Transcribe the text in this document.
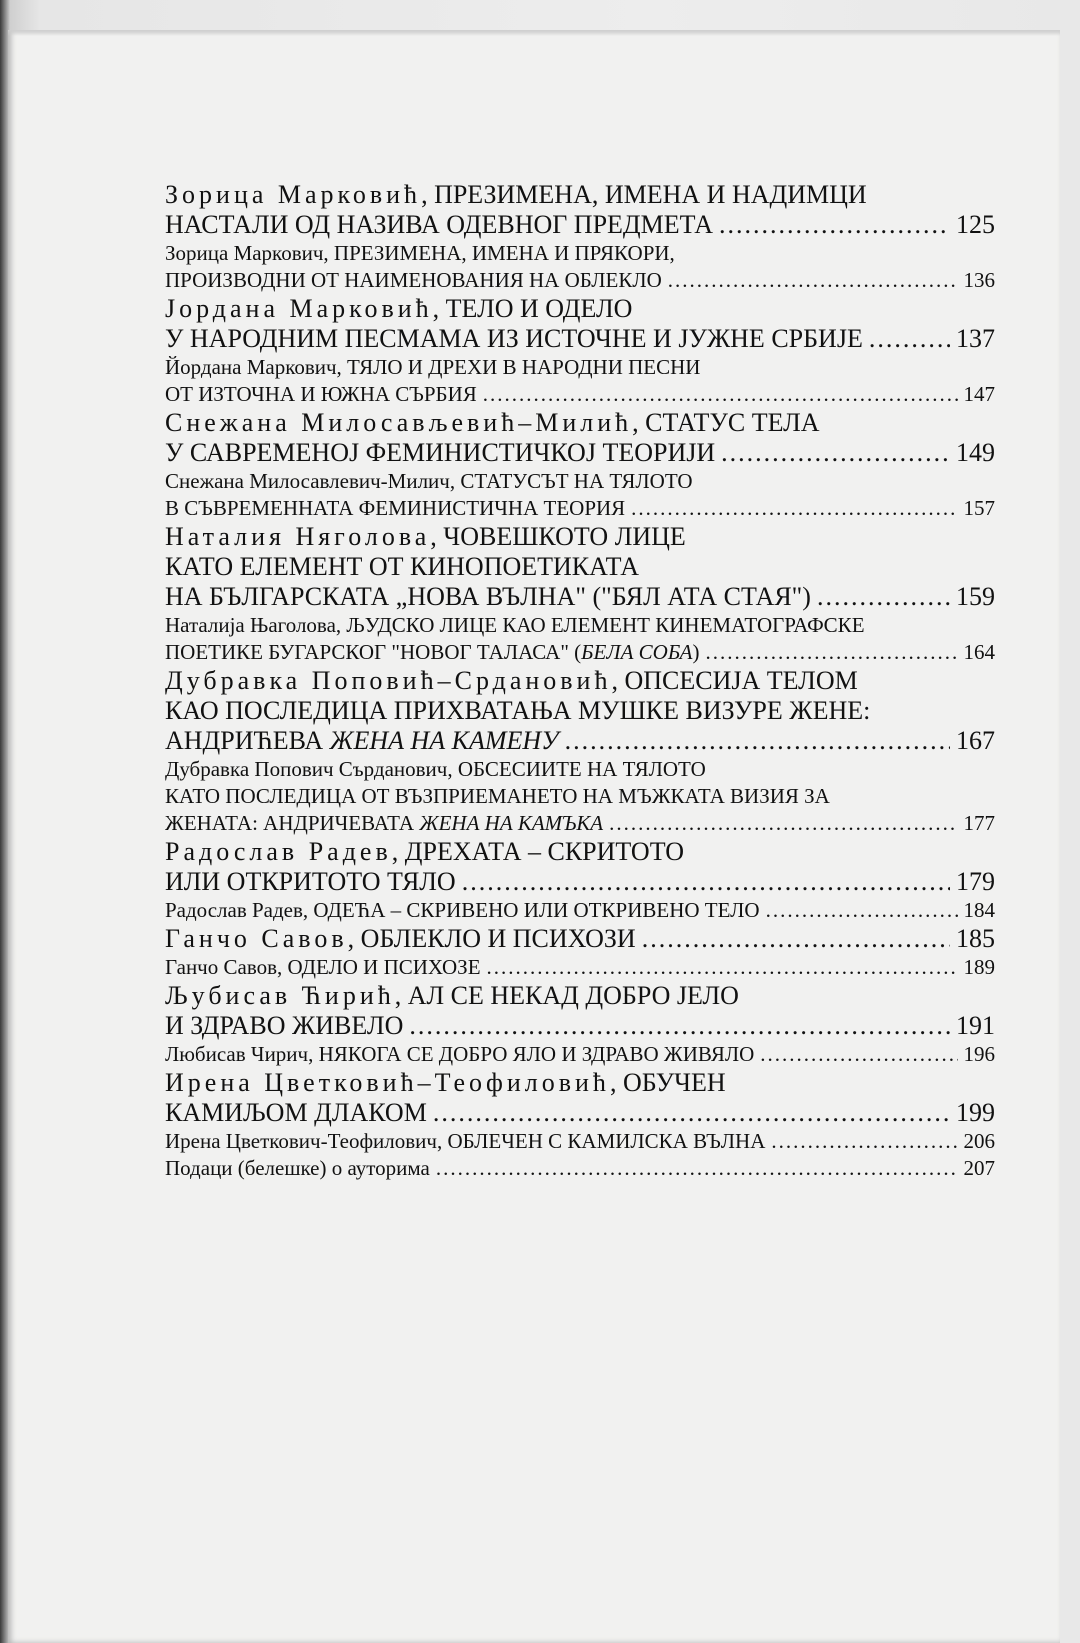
Зорица Марковић, ПРЕЗИМЕНА, ИМЕНА И НАДИМЦИ
НАСТАЛИ ОД НАЗИВА ОДЕВНОГ ПРЕДМЕТА .....	125
Зорица Маркович, ПРЕЗИМЕНА, ИМЕНА И ПРЯКОРИ,
ПРОИЗВОДНИ ОТ НАИМЕНОВАНИЯ НА ОБЛЕКЛО .....	136
Јордана Марковић, ТЕЛО И ОДЕЛО
У НАРОДНИМ ПЕСМАМА ИЗ ИСТОЧНЕ И ЈУЖНЕ СРБИЈЕ .....	137
Йордана Маркович, ТЯЛО И ДРЕХИ В НАРОДНИ ПЕСНИ
ОТ ИЗТОЧНА И ЮЖНА СЪРБИЯ .....	147
Снежана Милосављевић–Милић, СТАТУС ТЕЛА
У САВРЕМЕНОЈ ФЕМИНИСТИЧКОЈ ТЕОРИЈИ .....	149
Снежана Милосавлевич-Милич, СТАТУСЪТ НА ТЯЛОТО
В СЪВРЕМЕННАТА ФЕМИНИСТИЧНА ТЕОРИЯ .....	157
Наталия Няголова, ЧОВЕШКОТО ЛИЦЕ
КАТО ЕЛЕМЕНТ ОТ КИНОПОЕТИКАТА
НА БЪЛГАРСКАТА „НОВА ВЪЛНА" ("БЯЛ АТА СТАЯ") .....	159
Наталија Њаголова, ЉУДСКО ЛИЦЕ КАО ЕЛЕМЕНТ КИНЕМАТОГРАФСКЕ
ПОЕТИКЕ БУГАРСКОГ "НОВОГ ТАЛАСА" (БЕЛА СОБА) .....	164
Дубравка Поповић–Срдановић, ОПСЕСИЈА ТЕЛОМ
КАО ПОСЛЕДИЦА ПРИХВАТАЊА МУШКЕ ВИЗУРЕ ЖЕНЕ:
АНДРИЋЕВА ЖЕНА НА КАМЕНУ .....	167
Дубравка Попович Сърданович, ОБСЕСИИТЕ НА ТЯЛОТО
КАТО ПОСЛЕДИЦА ОТ ВЪЗПРИЕМАНЕТО НА МЪЖКАТА ВИЗИЯ ЗА
ЖЕНАТА: АНДРИЧЕВАТА ЖЕНА НА КАМЪКА .....	177
Радослав Радев, ДРЕХАТА – СКРИТОТО
ИЛИ ОТКРИТОТО ТЯЛО .....	179
Радослав Радев, ОДЕЋА – СКРИВЕНО ИЛИ ОТКРИВЕНО ТЕЛО .....	184
Ганчо Савов, ОБЛЕКЛО И ПСИХОЗИ .....	185
Ганчо Савов, ОДЕЛО И ПСИХОЗЕ .....	189
Љубисав Ћирић, АЛ СЕ НЕКАД ДОБРО ЈЕЛО
И ЗДРАВО ЖИВЕЛО .....	191
Любисав Чирич, НЯКОГА СЕ ДОБРО ЯЛО И ЗДРАВО ЖИВЯЛО .....	196
Ирена Цветковић–Теофиловић, ОБУЧЕН
КАМИЉОМ ДЛАКОМ .....	199
Ирена Цветкович-Теофилович, ОБЛЕЧЕН С КАМИЛСКА ВЪЛНА .....	206
Подаци (белешке) о ауторима .....	207
